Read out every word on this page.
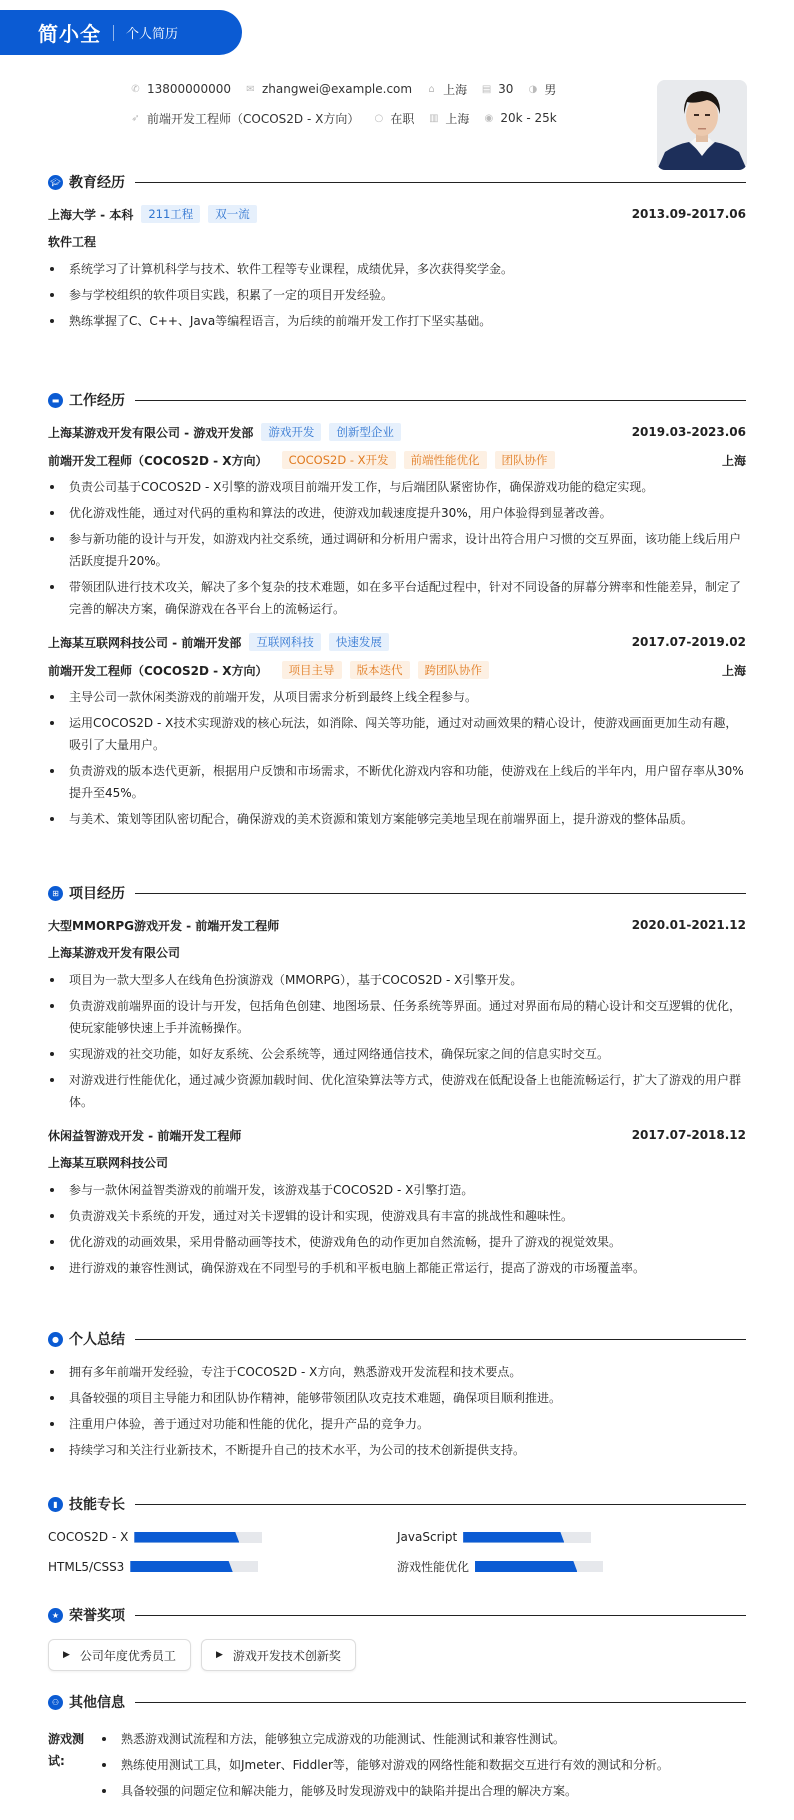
简小全 个人简历
✆ 13800000000 ✉ zhangwei@example.com ⌂ 上海 ▤ 30 ◑ 男
➶ 前端开发工程师（COCOS2D - X方向） ○ 在职 ▥ 上海 ◉ 20k - 25k
🎓︎ 教育经历
上海大学 - 本科	211工程	双一流	2013.09-2017.06
软件工程
系统学习了计算机科学与技术、软件工程等专业课程，成绩优异，多次获得奖学金。
参与学校组织的软件项目实践，积累了一定的项目开发经验。
熟练掌握了C、C++、Java等编程语言，为后续的前端开发工作打下坚实基础。
▬ 工作经历
上海某游戏开发有限公司 - 游戏开发部	游戏开发	创新型企业	2019.03-2023.06
前端开发工程师（COCOS2D - X方向）	COCOS2D - X开发	前端性能优化	团队协作	上海
负责公司基于COCOS2D - X引擎的游戏项目前端开发工作，与后端团队紧密协作，确保游戏功能的稳定实现。
优化游戏性能，通过对代码的重构和算法的改进，使游戏加载速度提升30%，用户体验得到显著改善。
参与新功能的设计与开发，如游戏内社交系统，通过调研和分析用户需求，设计出符合用户习惯的交互界面，该功能上线后用户活跃度提升20%。
带领团队进行技术攻关，解决了多个复杂的技术难题，如在多平台适配过程中，针对不同设备的屏幕分辨率和性能差异，制定了完善的解决方案，确保游戏在各平台上的流畅运行。
上海某互联网科技公司 - 前端开发部	互联网科技	快速发展	2017.07-2019.02
前端开发工程师（COCOS2D - X方向）	项目主导	版本迭代	跨团队协作	上海
主导公司一款休闲类游戏的前端开发，从项目需求分析到最终上线全程参与。
运用COCOS2D - X技术实现游戏的核心玩法，如消除、闯关等功能，通过对动画效果的精心设计，使游戏画面更加生动有趣，吸引了大量用户。
负责游戏的版本迭代更新，根据用户反馈和市场需求，不断优化游戏内容和功能，使游戏在上线后的半年内，用户留存率从30%提升至45%。
与美术、策划等团队密切配合，确保游戏的美术资源和策划方案能够完美地呈现在前端界面上，提升游戏的整体品质。
⊞ 项目经历
大型MMORPG游戏开发 - 前端开发工程师	2020.01-2021.12
上海某游戏开发有限公司
项目为一款大型多人在线角色扮演游戏（MMORPG），基于COCOS2D - X引擎开发。
负责游戏前端界面的设计与开发，包括角色创建、地图场景、任务系统等界面。通过对界面布局的精心设计和交互逻辑的优化，使玩家能够快速上手并流畅操作。
实现游戏的社交功能，如好友系统、公会系统等，通过网络通信技术，确保玩家之间的信息实时交互。
对游戏进行性能优化，通过减少资源加载时间、优化渲染算法等方式，使游戏在低配设备上也能流畅运行，扩大了游戏的用户群体。
休闲益智游戏开发 - 前端开发工程师	2017.07-2018.12
上海某互联网科技公司
参与一款休闲益智类游戏的前端开发，该游戏基于COCOS2D - X引擎打造。
负责游戏关卡系统的开发，通过对关卡逻辑的设计和实现，使游戏具有丰富的挑战性和趣味性。
优化游戏的动画效果，采用骨骼动画等技术，使游戏角色的动作更加自然流畅，提升了游戏的视觉效果。
进行游戏的兼容性测试，确保游戏在不同型号的手机和平板电脑上都能正常运行，提高了游戏的市场覆盖率。
● 个人总结
拥有多年前端开发经验，专注于COCOS2D - X方向，熟悉游戏开发流程和技术要点。
具备较强的项目主导能力和团队协作精神，能够带领团队攻克技术难题，确保项目顺利推进。
注重用户体验，善于通过对功能和性能的优化，提升产品的竞争力。
持续学习和关注行业新技术，不断提升自己的技术水平，为公司的技术创新提供支持。
▮ 技能专长
COCOS2D - X	JavaScript
HTML5/CSS3	游戏性能优化
★ 荣誉奖项
▶ 公司年度优秀员工	▶ 游戏开发技术创新奖
⚇ 其他信息
游戏测试:
熟悉游戏测试流程和方法，能够独立完成游戏的功能测试、性能测试和兼容性测试。
熟练使用测试工具，如Jmeter、Fiddler等，能够对游戏的网络性能和数据交互进行有效的测试和分析。
具备较强的问题定位和解决能力，能够及时发现游戏中的缺陷并提出合理的解决方案。
